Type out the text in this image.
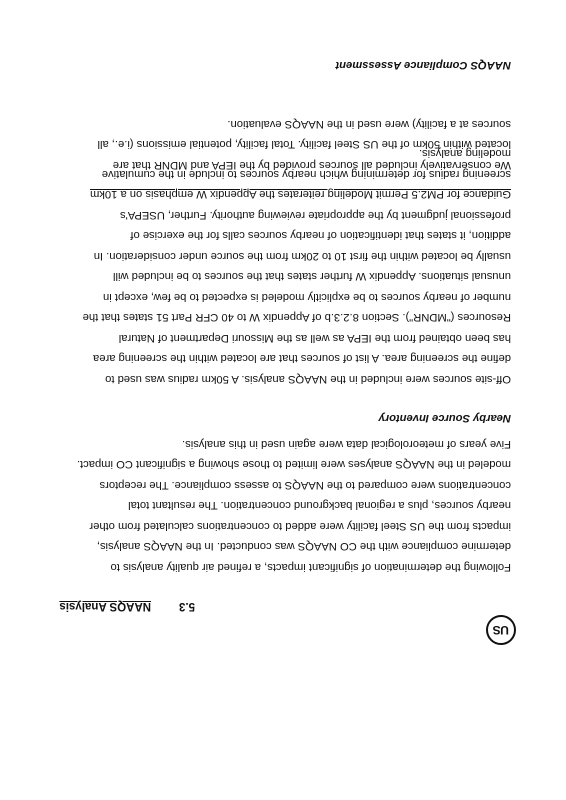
US
5.3NAAQS Analysis

Following the determination of significant impacts, a refined air quality analysis to
determine compliance with the CO NAAQS was conducted. In the NAAQS analysis,
impacts from the US Steel facility were added to concentrations calculated from other
nearby sources, plus a regional background concentration. The resultant total
concentrations were compared to the NAAQS to assess compliance. The receptors
modeled in the NAAQS analyses were limited to those showing a significant CO impact.
Five years of meteorological data were again used in this analysis.

Nearby Source Inventory

Off-site sources were included in the NAAQS analysis. A 50km radius was used to
define the screening area. A list of sources that are located within the screening area
has been obtained from the IEPA as well as the Missouri Department of Natural
Resources ("MDNR"). Section 8.2.3.b of Appendix W to 40 CFR Part 51 states that the
number of nearby sources to be explicitly modeled is expected to be few, except in
unusual situations. Appendix W further states that the sources to be included will
usually be located within the first 10 to 20km from the source under consideration. In
addition, it states that identification of nearby sources calls for the exercise of
professional judgment by the appropriate reviewing authority. Further, USEPA's
Guidance for PM2.5 Permit Modeling reiterates the Appendix W emphasis on a 10km
screening radius for determining which nearby sources to include in the cumulative
modeling analysis.

We conservatively included all sources provided by the IEPA and MDNR that are
located within 50km of the US Steel facility. Total facility, potential emissions (i.e., all
sources at a facility) were used in the NAAQS evaluation.

NAAQS Compliance Assessment
